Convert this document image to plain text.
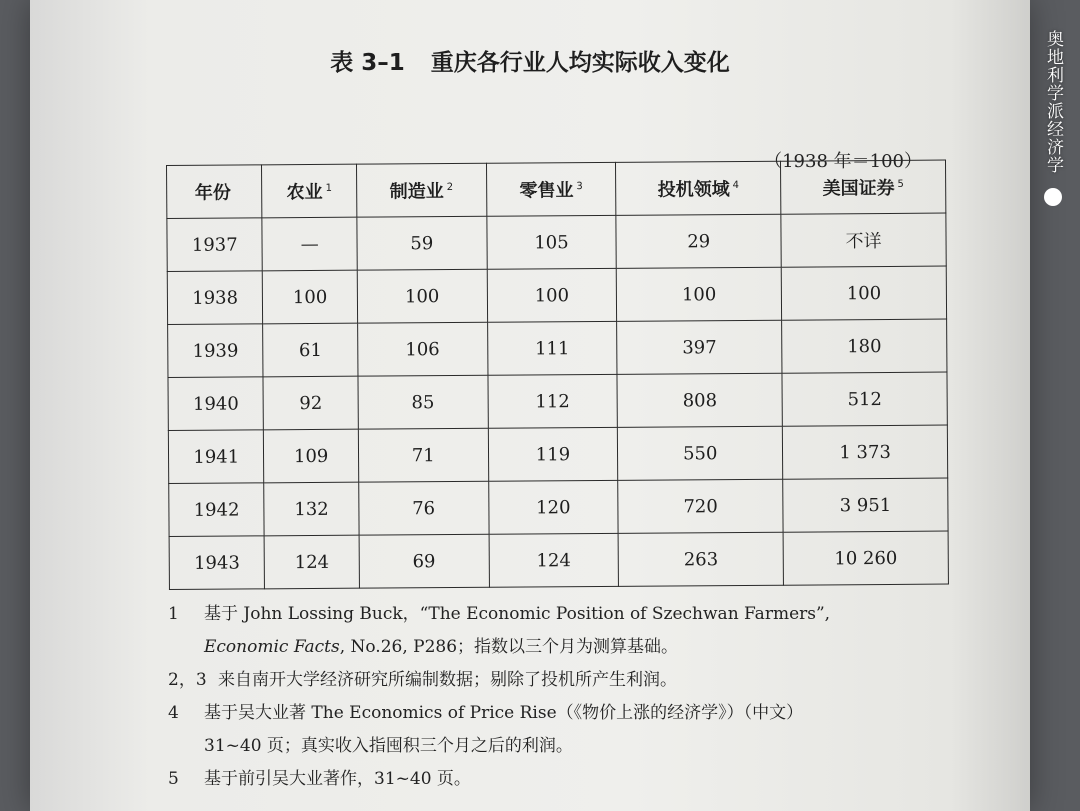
表 3–1 重庆各行业人均实际收入变化
（1938 年＝100）
年份	农业 $^1$	制造业 $^2$	零售业 $^3$	投机领域 $^4$	美国证券 $^5$
1937	—	59	105	29	不详
1938	100	100	100	100	100
1939	61	106	111	397	180
1940	92	85	112	808	512
1941	109	71	119	550	1 373
1942	132	76	120	720	3 951
1943	124	69	124	263	10 260
1 基于 John Lossing Buck，“The Economic Position of Szechwan Farmers”,
Economic Facts, No.26, P286；指数以三个月为测算基础。
2，3 来自南开大学经济研究所编制数据；剔除了投机所产生利润。
4 基于吴大业著 The Economics of Price Rise（《物价上涨的经济学》）（中文）
31~40 页；真实收入指囤积三个月之后的利润。
5 基于前引吴大业著作，31~40 页。
奥地利学派经济学
